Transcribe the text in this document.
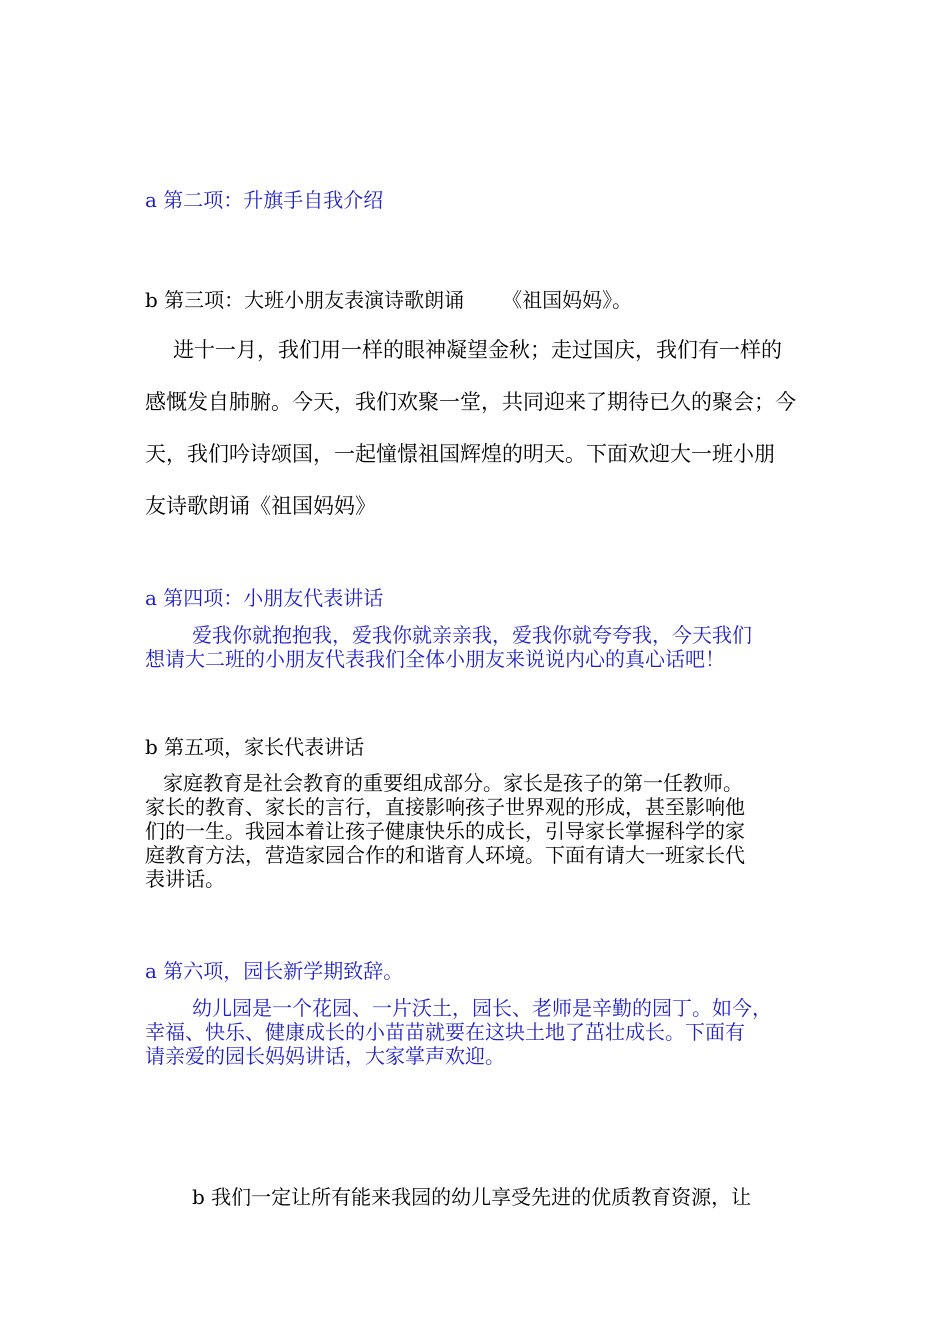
a 第二项：升旗手自我介绍
b 第三项：大班小朋友表演诗歌朗诵 《祖国妈妈》。
进十一月，我们用一样的眼神凝望金秋；走过国庆，我们有一样的
感慨发自肺腑。今天，我们欢聚一堂，共同迎来了期待已久的聚会；今
天，我们吟诗颂国，一起憧憬祖国辉煌的明天。下面欢迎大一班小朋
友诗歌朗诵《祖国妈妈》
a 第四项：小朋友代表讲话
爱我你就抱抱我，爱我你就亲亲我，爱我你就夸夸我，今天我们
想请大二班的小朋友代表我们全体小朋友来说说内心的真心话吧！
b 第五项，家长代表讲话
家庭教育是社会教育的重要组成部分。家长是孩子的第一任教师。
家长的教育、家长的言行，直接影响孩子世界观的形成，甚至影响他
们的一生。我园本着让孩子健康快乐的成长，引导家长掌握科学的家
庭教育方法，营造家园合作的和谐育人环境。下面有请大一班家长代
表讲话。
a 第六项，园长新学期致辞。
幼儿园是一个花园、一片沃土，园长、老师是辛勤的园丁。如今，
幸福、快乐、健康成长的小苗苗就要在这块土地了茁壮成长。下面有
请亲爱的园长妈妈讲话，大家掌声欢迎。
b 我们一定让所有能来我园的幼儿享受先进的优质教育资源，让
